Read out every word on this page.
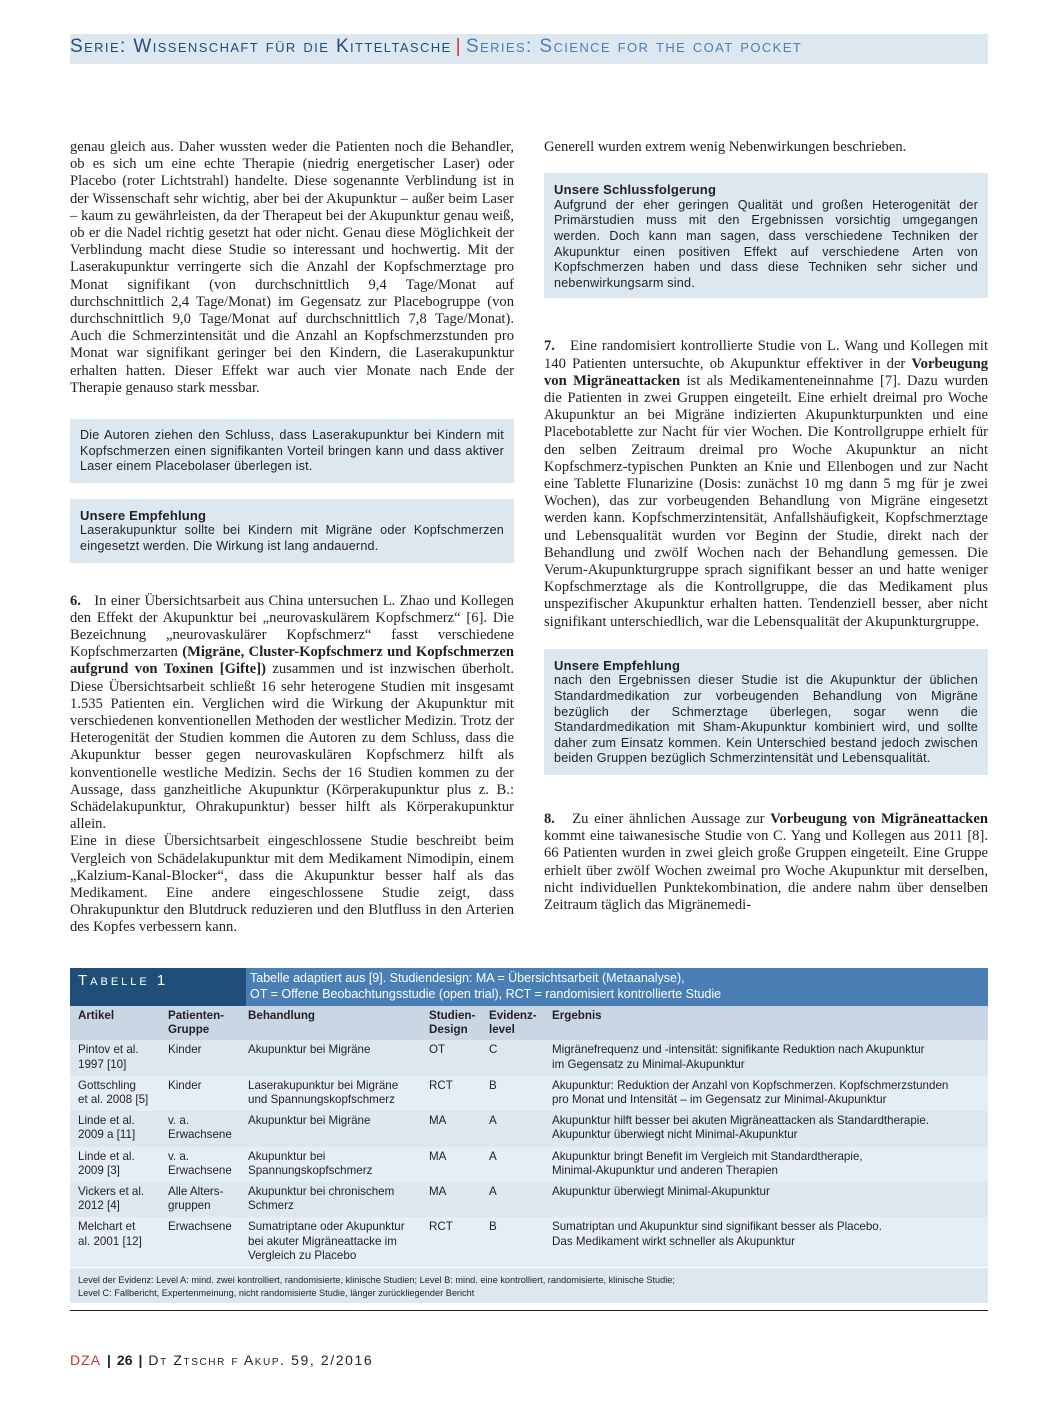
Serie: Wissenschaft für die Kitteltasche | Series: Science for the coat pocket

genau gleich aus. Daher wussten weder die Patienten noch die Behandler, ob es sich um eine echte Therapie (niedrig energetischer Laser) oder Placebo (roter Lichtstrahl) handelte. Diese sogenannte Verblindung ist in der Wissenschaft sehr wichtig, aber bei der Akupunktur – außer beim Laser – kaum zu gewährleisten, da der Therapeut bei der Akupunktur genau weiß, ob er die Nadel richtig gesetzt hat oder nicht. Genau diese Möglichkeit der Verblindung macht diese Studie so interessant und hochwertig. Mit der Laserakupunktur verringerte sich die Anzahl der Kopfschmerztage pro Monat signifikant (von durchschnittlich 9,4 Tage/Monat auf durchschnittlich 2,4 Tage/Monat) im Gegensatz zur Placebogruppe (von durchschnittlich 9,0 Tage/Monat auf durchschnittlich 7,8 Tage/Monat). Auch die Schmerzintensität und die Anzahl an Kopfschmerzstunden pro Monat war signifikant geringer bei den Kindern, die Laserakupunktur erhalten hatten. Dieser Effekt war auch vier Monate nach Ende der Therapie genauso stark messbar.

Die Autoren ziehen den Schluss, dass Laserakupunktur bei Kindern mit Kopfschmerzen einen signifikanten Vorteil bringen kann und dass aktiver Laser einem Placebolaser überlegen ist.
Unsere Empfehlung
Laserakupunktur sollte bei Kindern mit Migräne oder Kopfschmerzen eingesetzt werden. Die Wirkung ist lang andauernd.

6. In einer Übersichtsarbeit aus China untersuchen L. Zhao und Kollegen den Effekt der Akupunktur bei „neurovaskulärem Kopfschmerz“ [6]. Die Bezeichnung „neurovaskulärer Kopfschmerz“ fasst verschiedene Kopfschmerzarten (Migräne, Cluster-Kopfschmerz und Kopfschmerzen aufgrund von Toxinen [Gifte]) zusammen und ist inzwischen überholt. Diese Übersichtsarbeit schließt 16 sehr heterogene Studien mit insgesamt 1.535 Patienten ein. Verglichen wird die Wirkung der Akupunktur mit verschiedenen konventionellen Methoden der westlicher Medizin. Trotz der Heterogenität der Studien kommen die Autoren zu dem Schluss, dass die Akupunktur besser gegen neurovaskulären Kopfschmerz hilft als konventionelle westliche Medizin. Sechs der 16 Studien kommen zu der Aussage, dass ganzheitliche Akupunktur (Körperakupunktur plus z. B.: Schädelakupunktur, Ohrakupunktur) besser hilft als Körperakupunktur allein.

Eine in diese Übersichtsarbeit eingeschlossene Studie beschreibt beim Vergleich von Schädelakupunktur mit dem Medikament Nimodipin, einem „Kalzium-Kanal-Blocker“, dass die Akupunktur besser half als das Medikament. Eine andere eingeschlossene Studie zeigt, dass Ohrakupunktur den Blutdruck reduzieren und den Blutfluss in den Arterien des Kopfes verbessern kann.

Generell wurden extrem wenig Nebenwirkungen beschrieben.

Unsere Schlussfolgerung
Aufgrund der eher geringen Qualität und großen Heterogenität der Primärstudien muss mit den Ergebnissen vorsichtig umgegangen werden. Doch kann man sagen, dass verschiedene Techniken der Akupunktur einen positiven Effekt auf verschiedene Arten von Kopfschmerzen haben und dass diese Techniken sehr sicher und nebenwirkungsarm sind.

7. Eine randomisiert kontrollierte Studie von L. Wang und Kollegen mit 140 Patienten untersuchte, ob Akupunktur effektiver in der Vorbeugung von Migräneattacken ist als Medikamenteneinnahme [7]. Dazu wurden die Patienten in zwei Gruppen eingeteilt. Eine erhielt dreimal pro Woche Akupunktur an bei Migräne indizierten Akupunkturpunkten und eine Placebotablette zur Nacht für vier Wochen. Die Kontrollgruppe erhielt für den selben Zeitraum dreimal pro Woche Akupunktur an nicht Kopfschmerz-typischen Punkten an Knie und Ellenbogen und zur Nacht eine Tablette Flunarizine (Dosis: zunächst 10 mg dann 5 mg für je zwei Wochen), das zur vorbeugenden Behandlung von Migräne eingesetzt werden kann. Kopfschmerzintensität, Anfallshäufigkeit, Kopfschmerztage und Lebensqualität wurden vor Beginn der Studie, direkt nach der Behandlung und zwölf Wochen nach der Behandlung gemessen. Die Verum-Akupunkturgruppe sprach signifikant besser an und hatte weniger Kopfschmerztage als die Kontrollgruppe, die das Medikament plus unspezifischer Akupunktur erhalten hatten. Tendenziell besser, aber nicht signifikant unterschiedlich, war die Lebensqualität der Akupunkturgruppe.

Unsere Empfehlung
nach den Ergebnissen dieser Studie ist die Akupunktur der üblichen Standardmedikation zur vorbeugenden Behandlung von Migräne bezüglich der Schmerztage überlegen, sogar wenn die Standardmedikation mit Sham-Akupunktur kombiniert wird, und sollte daher zum Einsatz kommen. Kein Unterschied bestand jedoch zwischen beiden Gruppen bezüglich Schmerzintensität und Lebensqualität.

8. Zu einer ähnlichen Aussage zur Vorbeugung von Migräneattacken kommt eine taiwanesische Studie von C. Yang und Kollegen aus 2011 [8]. 66 Patienten wurden in zwei gleich große Gruppen eingeteilt. Eine Gruppe erhielt über zwölf Wochen zweimal pro Woche Akupunktur mit derselben, nicht individuellen Punktekombination, die andere nahm über denselben Zeitraum täglich das Migränemedi-

Tabelle 1	Tabelle adaptiert aus [9]. Studiendesign: MA = Übersichtsarbeit (Metaanalyse),
OT = Offene Beobachtungsstudie (open trial), RCT = randomisiert kontrollierte Studie
Artikel	Patienten-
Gruppe	Behandlung	Studien-
Design	Evidenz-
level	Ergebnis
Pintov et al.
1997 [10]	Kinder	Akupunktur bei Migräne	OT	C	Migränefrequenz und -intensität: signifikante Reduktion nach Akupunktur
im Gegensatz zu Minimal-Akupunktur
Gottschling
et al. 2008 [5]	Kinder	Laserakupunktur bei Migräne
und Spannungskopfschmerz	RCT	B	Akupunktur: Reduktion der Anzahl von Kopfschmerzen. Kopfschmerzstunden
pro Monat und Intensität – im Gegensatz zur Minimal-Akupunktur
Linde et al.
2009 a [11]	v. a.
Erwachsene	Akupunktur bei Migräne	MA	A	Akupunktur hilft besser bei akuten Migräneattacken als Standardtherapie.
Akupunktur überwiegt nicht Minimal-Akupunktur
Linde et al.
2009 [3]	v. a.
Erwachsene	Akupunktur bei
Spannungskopfschmerz	MA	A	Akupunktur bringt Benefit im Vergleich mit Standardtherapie,
Minimal-Akupunktur und anderen Therapien
Vickers et al.
2012 [4]	Alle Alters-
gruppen	Akupunktur bei chronischem
Schmerz	MA	A	Akupunktur überwiegt Minimal-Akupunktur
Melchart et
al. 2001 [12]	Erwachsene	Sumatriptane oder Akupunktur
bei akuter Migräneattacke im
Vergleich zu Placebo	RCT	B	Sumatriptan und Akupunktur sind signifikant besser als Placebo.
Das Medikament wirkt schneller als Akupunktur
Level der Evidenz: Level A: mind. zwei kontrolliert, randomisierte, klinische Studien; Level B: mind. eine kontrolliert, randomisierte, klinische Studie;
Level C: Fallbericht, Expertenmeinung, nicht randomisierte Studie, länger zurückliegender Bericht
DZA | 26 | Dt Ztschr f Akup. 59, 2/2016
